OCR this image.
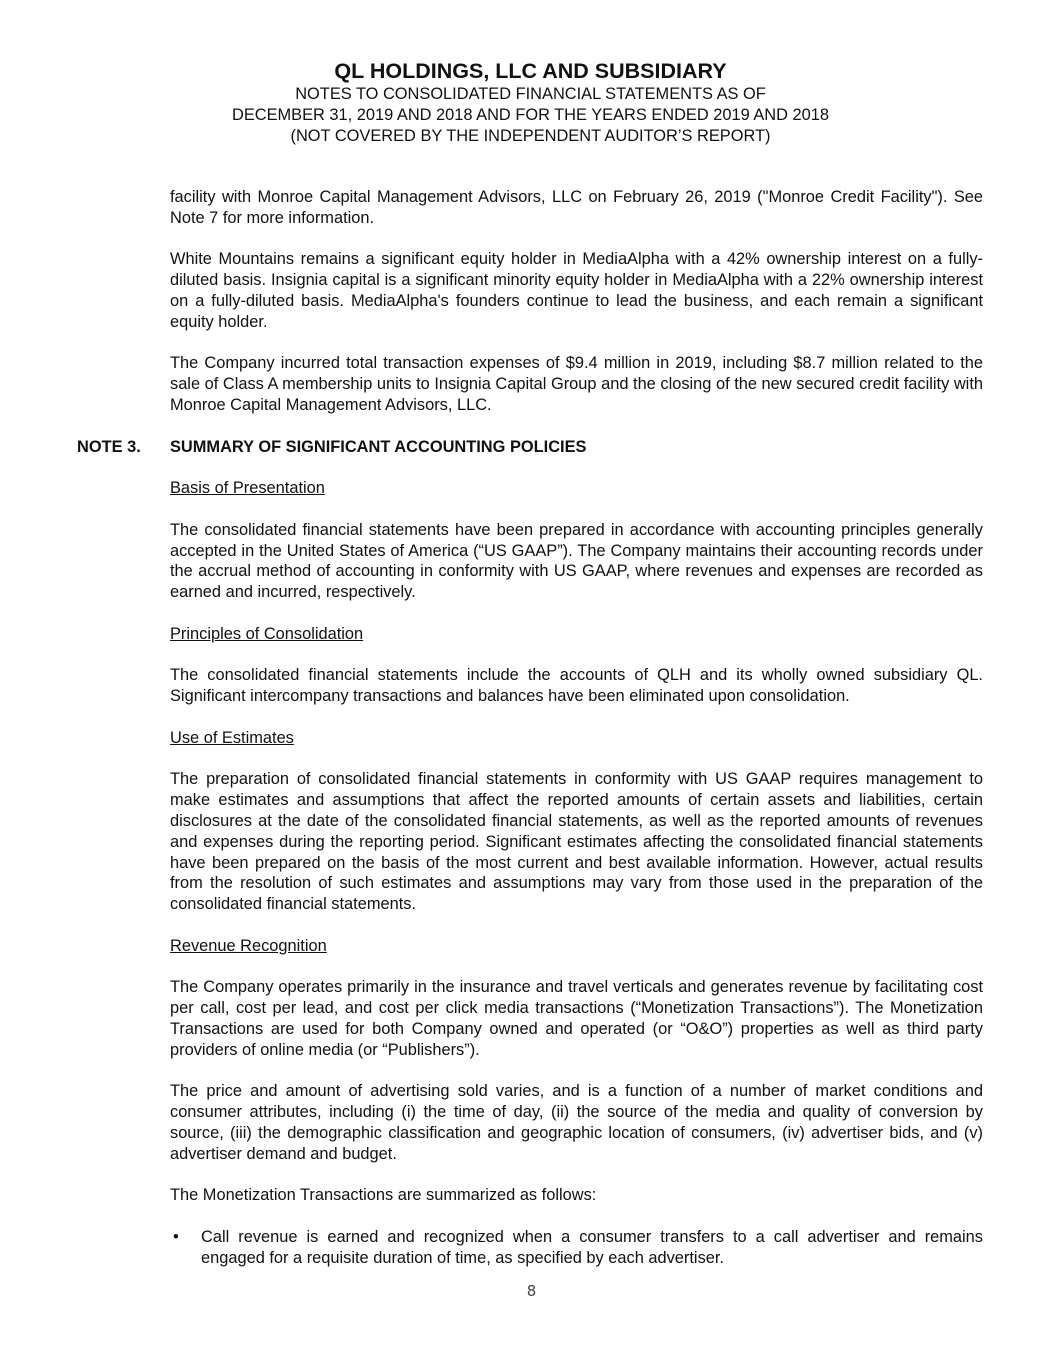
QL HOLDINGS, LLC AND SUBSIDIARY
NOTES TO CONSOLIDATED FINANCIAL STATEMENTS AS OF
DECEMBER 31, 2019 AND 2018 AND FOR THE YEARS ENDED 2019 AND 2018
(NOT COVERED BY THE INDEPENDENT AUDITOR’S REPORT)

facility with Monroe Capital Management Advisors, LLC on February 26, 2019 ("Monroe Credit Facility"). See Note 7 for more information.

White Mountains remains a significant equity holder in MediaAlpha with a 42% ownership interest on a fully-diluted basis. Insignia capital is a significant minority equity holder in MediaAlpha with a 22% ownership interest on a fully-diluted basis. MediaAlpha's founders continue to lead the business, and each remain a significant equity holder.

The Company incurred total transaction expenses of $9.4 million in 2019, including $8.7 million related to the sale of Class A membership units to Insignia Capital Group and the closing of the new secured credit facility with Monroe Capital Management Advisors, LLC.

NOTE 3. SUMMARY OF SIGNIFICANT ACCOUNTING POLICIES
Basis of Presentation

The consolidated financial statements have been prepared in accordance with accounting principles generally accepted in the United States of America (“US GAAP”). The Company maintains their accounting records under the accrual method of accounting in conformity with US GAAP, where revenues and expenses are recorded as earned and incurred, respectively.

Principles of Consolidation

The consolidated financial statements include the accounts of QLH and its wholly owned subsidiary QL. Significant intercompany transactions and balances have been eliminated upon consolidation.

Use of Estimates

The preparation of consolidated financial statements in conformity with US GAAP requires management to make estimates and assumptions that affect the reported amounts of certain assets and liabilities, certain disclosures at the date of the consolidated financial statements, as well as the reported amounts of revenues and expenses during the reporting period. Significant estimates affecting the consolidated financial statements have been prepared on the basis of the most current and best available information. However, actual results from the resolution of such estimates and assumptions may vary from those used in the preparation of the consolidated financial statements.

Revenue Recognition

The Company operates primarily in the insurance and travel verticals and generates revenue by facilitating cost per call, cost per lead, and cost per click media transactions (“Monetization Transactions”). The Monetization Transactions are used for both Company owned and operated (or “O&O”) properties as well as third party providers of online media (or “Publishers”).

The price and amount of advertising sold varies, and is a function of a number of market conditions and consumer attributes, including (i) the time of day, (ii) the source of the media and quality of conversion by source, (iii) the demographic classification and geographic location of consumers, (iv) advertiser bids, and (v) advertiser demand and budget.

The Monetization Transactions are summarized as follows:

• Call revenue is earned and recognized when a consumer transfers to a call advertiser and remains engaged for a requisite duration of time, as specified by each advertiser.
8
